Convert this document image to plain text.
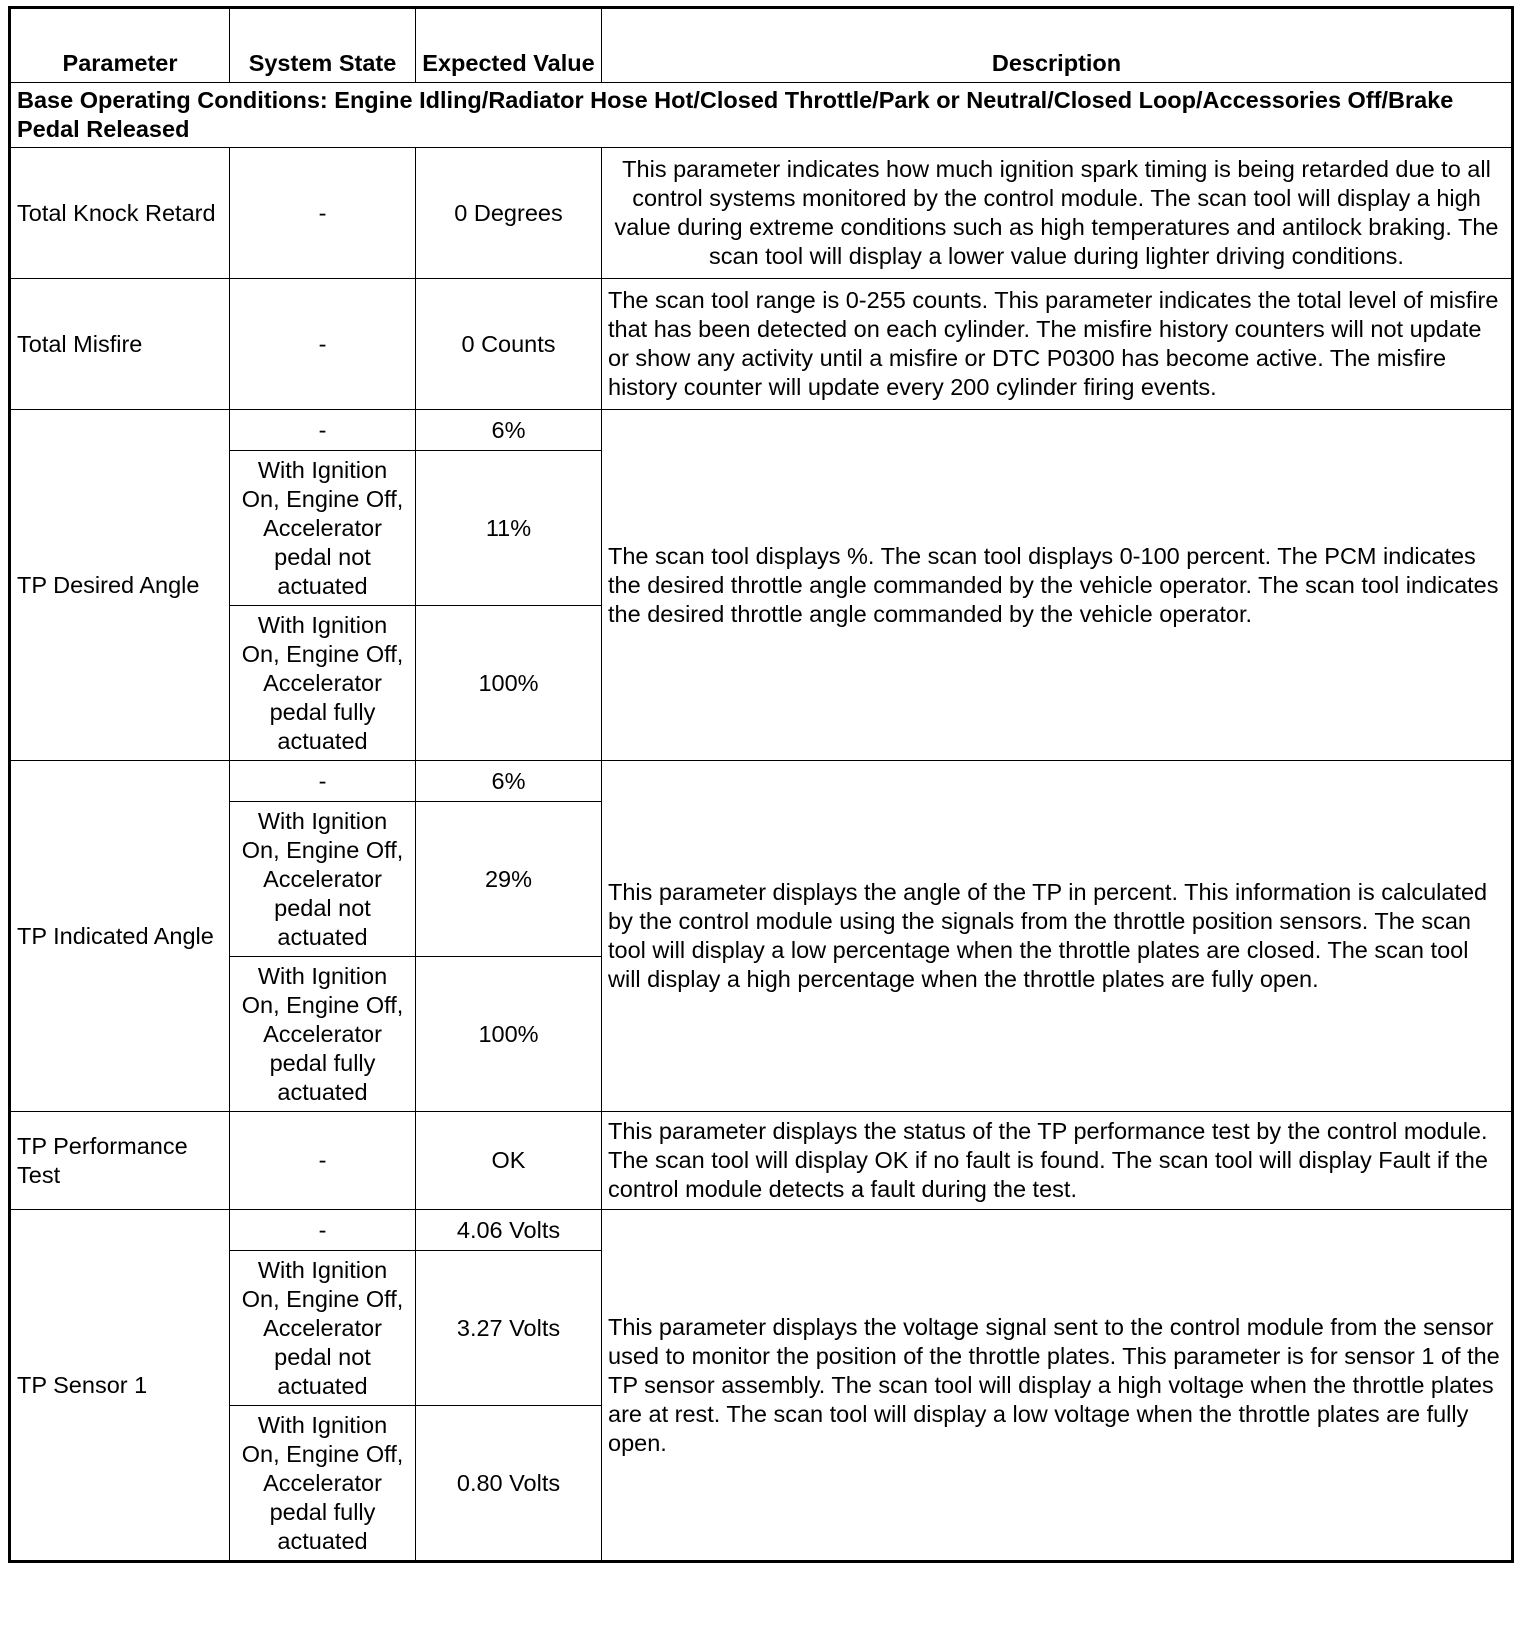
Parameter	System State	Expected Value	Description
Base Operating Conditions: Engine Idling/Radiator Hose Hot/Closed Throttle/Park or Neutral/Closed Loop/Accessories Off/Brake Pedal Released			
Total Knock Retard	-	0 Degrees	This parameter indicates how much ignition spark timing is being retarded due to all control systems monitored by the control module. The scan tool will display a high value during extreme conditions such as high temperatures and antilock braking. The scan tool will display a lower value during lighter driving conditions.
Total Misfire	-	0 Counts	The scan tool range is 0-255 counts. This parameter indicates the total level of misfire that has been detected on each cylinder. The misfire history counters will not update or show any activity until a misfire or DTC P0300 has become active. The misfire history counter will update every 200 cylinder firing events.
TP Desired Angle	-	6%	The scan tool displays %. The scan tool displays 0-100 percent. The PCM indicates the desired throttle angle commanded by the vehicle operator. The scan tool indicates the desired throttle angle commanded by the vehicle operator.
	With Ignition On, Engine Off, Accelerator pedal not actuated	11%	
	With Ignition On, Engine Off, Accelerator pedal fully actuated	100%	
TP Indicated Angle	-	6%	This parameter displays the angle of the TP in percent. This information is calculated by the control module using the signals from the throttle position sensors. The scan tool will display a low percentage when the throttle plates are closed. The scan tool will display a high percentage when the throttle plates are fully open.
	With Ignition On, Engine Off, Accelerator pedal not actuated	29%	
	With Ignition On, Engine Off, Accelerator pedal fully actuated	100%	
TP Performance Test	-	OK	This parameter displays the status of the TP performance test by the control module. The scan tool will display OK if no fault is found. The scan tool will display Fault if the control module detects a fault during the test.
TP Sensor 1	-	4.06 Volts	This parameter displays the voltage signal sent to the control module from the sensor used to monitor the position of the throttle plates. This parameter is for sensor 1 of the TP sensor assembly. The scan tool will display a high voltage when the throttle plates are at rest. The scan tool will display a low voltage when the throttle plates are fully open.
	With Ignition On, Engine Off, Accelerator pedal not actuated	3.27 Volts	
	With Ignition On, Engine Off, Accelerator pedal fully actuated	0.80 Volts	
